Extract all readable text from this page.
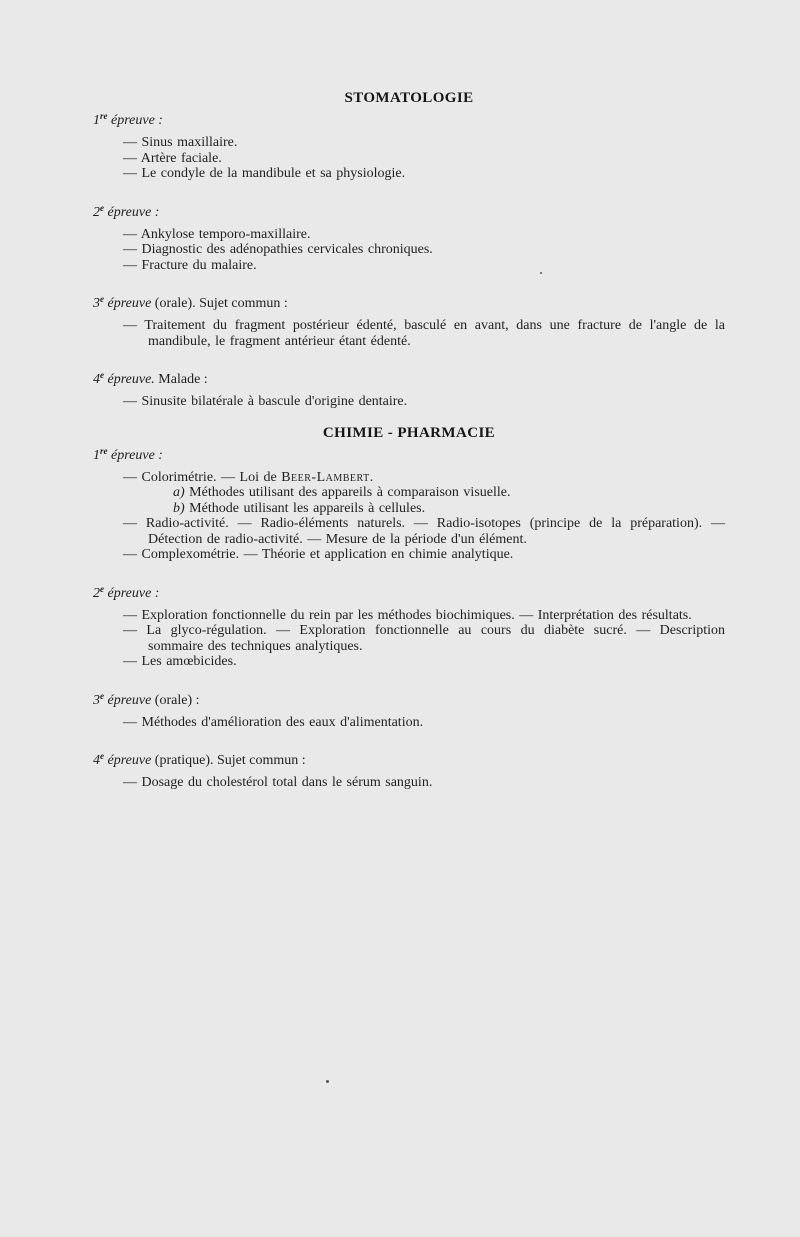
STOMATOLOGIE

1re épreuve :

— Sinus maxillaire.
— Artère faciale.
— Le condyle de la mandibule et sa physiologie.

2e épreuve :

— Ankylose temporo-maxillaire.
— Diagnostic des adénopathies cervicales chroniques.
— Fracture du malaire.

3e épreuve (orale). Sujet commun :

— Traitement du fragment postérieur édenté, basculé en avant, dans une fracture de l'angle de la mandibule, le fragment antérieur étant édenté.

4e épreuve. Malade :

— Sinusite bilatérale à bascule d'origine dentaire.
CHIMIE - PHARMACIE

1re épreuve :

— Colorimétrie. — Loi de Beer-Lambert.
a) Méthodes utilisant des appareils à comparaison visuelle.
b) Méthode utilisant les appareils à cellules.
— Radio-activité. — Radio-éléments naturels. — Radio-isotopes (principe de la préparation). — Détection de radio-activité. — Mesure de la période d'un élément.
— Complexométrie. — Théorie et application en chimie analytique.

2e épreuve :

— Exploration fonctionnelle du rein par les méthodes biochimiques. — Interprétation des résultats.
— La glyco-régulation. — Exploration fonctionnelle au cours du diabète sucré. — Description sommaire des techniques analytiques.
— Les amœbicides.

3e épreuve (orale) :

— Méthodes d'amélioration des eaux d'alimentation.

4e épreuve (pratique). Sujet commun :

— Dosage du cholestérol total dans le sérum sanguin.
